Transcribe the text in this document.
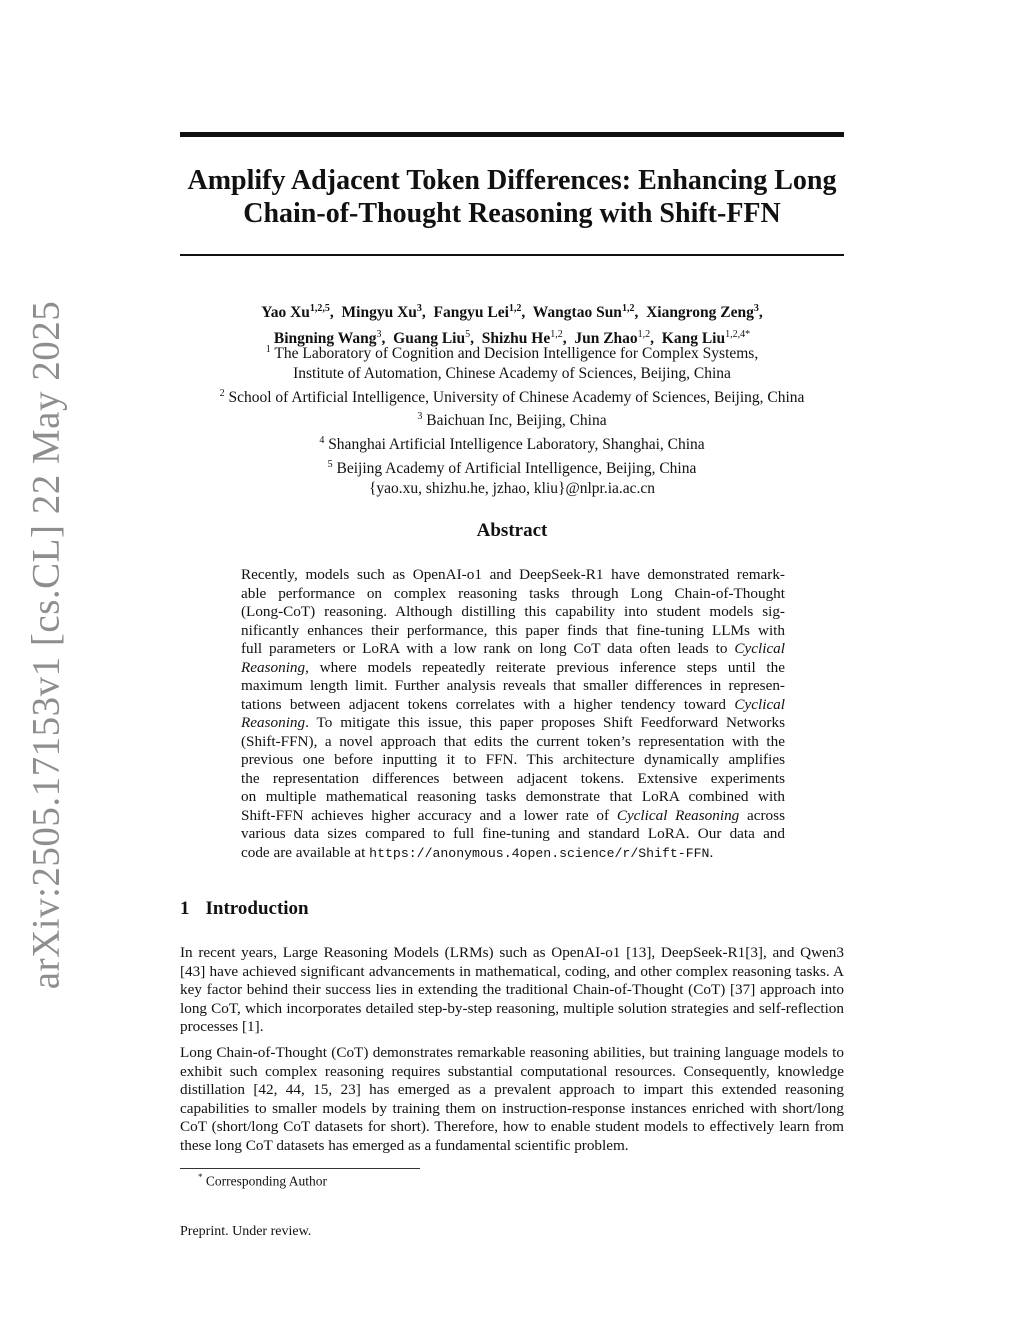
arXiv:2505.17153v1 [cs.CL] 22 May 2025
Amplify Adjacent Token Differences: Enhancing Long
Chain-of-Thought Reasoning with Shift-FFN
Yao Xu$^{1,2,5}$,  Mingyu Xu$^3$,  Fangyu Lei$^{1,2}$,  Wangtao Sun$^{1,2}$,  Xiangrong Zeng$^3$,
Bingning Wang$^3$,  Guang Liu$^5$,  Shizhu He$^{1,2}$,  Jun Zhao$^{1,2}$,  Kang Liu$^{1,2,4*}$
$^1$ The Laboratory of Cognition and Decision Intelligence for Complex Systems,
Institute of Automation, Chinese Academy of Sciences, Beijing, China
$^2$ School of Artificial Intelligence, University of Chinese Academy of Sciences, Beijing, China
$^3$ Baichuan Inc, Beijing, China
$^4$ Shanghai Artificial Intelligence Laboratory, Shanghai, China
$^5$ Beijing Academy of Artificial Intelligence, Beijing, China
{yao.xu, shizhu.he, jzhao, kliu}@nlpr.ia.ac.cn
Abstract
Recently, models such as OpenAI-o1 and DeepSeek-R1 have demonstrated remark-
able performance on complex reasoning tasks through Long Chain-of-Thought
(Long-CoT) reasoning. Although distilling this capability into student models sig-
nificantly enhances their performance, this paper finds that fine-tuning LLMs with
full parameters or LoRA with a low rank on long CoT data often leads to Cyclical
Reasoning, where models repeatedly reiterate previous inference steps until the
maximum length limit. Further analysis reveals that smaller differences in represen-
tations between adjacent tokens correlates with a higher tendency toward Cyclical
Reasoning. To mitigate this issue, this paper proposes Shift Feedforward Networks
(Shift-FFN), a novel approach that edits the current token’s representation with the
previous one before inputting it to FFN. This architecture dynamically amplifies
the representation differences between adjacent tokens. Extensive experiments
on multiple mathematical reasoning tasks demonstrate that LoRA combined with
Shift-FFN achieves higher accuracy and a lower rate of Cyclical Reasoning across
various data sizes compared to full fine-tuning and standard LoRA. Our data and
code are available at https://anonymous.4open.science/r/Shift-FFN.
1 Introduction
In recent years, Large Reasoning Models (LRMs) such as OpenAI-o1 [13], DeepSeek-R1[3], and Qwen3 [43] have achieved significant advancements in mathematical, coding, and other complex reasoning tasks. A key factor behind their success lies in extending the traditional Chain-of-Thought (CoT) [37] approach into long CoT, which incorporates detailed step-by-step reasoning, multiple solution strategies and self-reflection processes [1].
Long Chain-of-Thought (CoT) demonstrates remarkable reasoning abilities, but training language models to exhibit such complex reasoning requires substantial computational resources. Consequently, knowledge distillation [42, 44, 15, 23] has emerged as a prevalent approach to impart this extended reasoning capabilities to smaller models by training them on instruction-response instances enriched with short/long CoT (short/long CoT datasets for short). Therefore, how to enable student models to effectively learn from these long CoT datasets has emerged as a fundamental scientific problem.
* Corresponding Author
Preprint. Under review.
